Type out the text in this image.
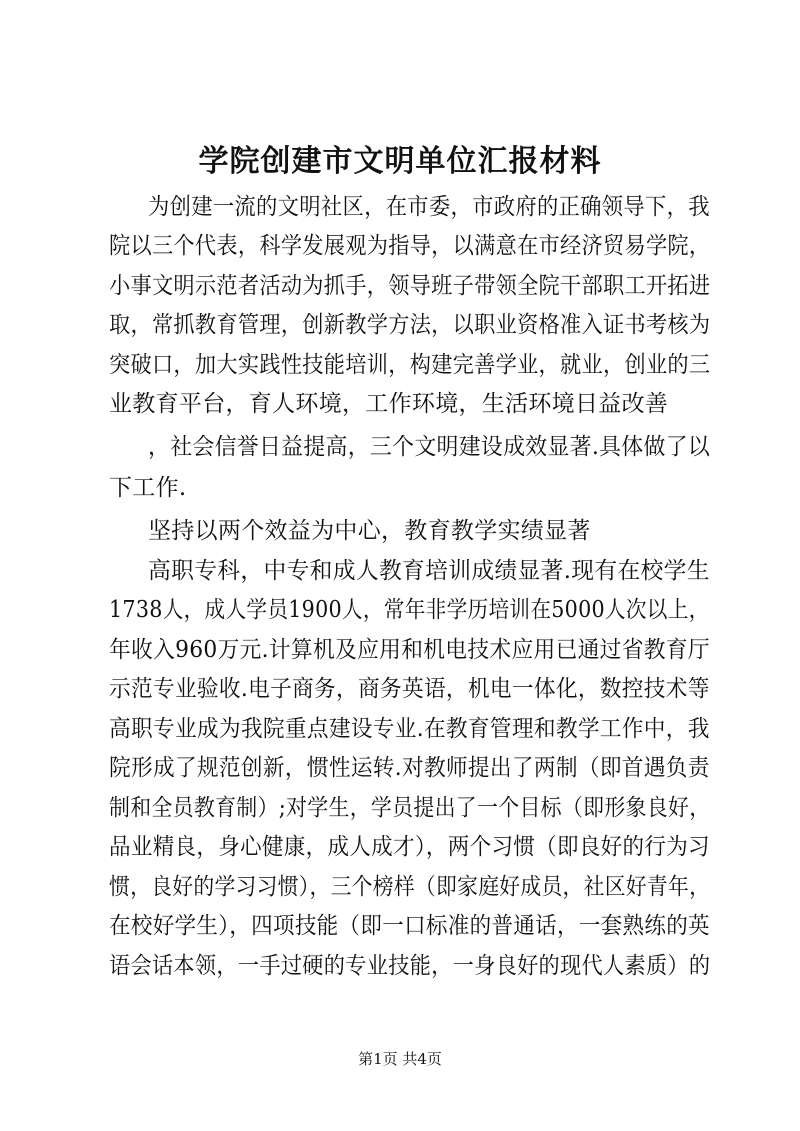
学院创建市文明单位汇报材料
为创建一流的文明社区，在市委，市政府的正确领导下，我
院以三个代表，科学发展观为指导，以满意在市经济贸易学院，
小事文明示范者活动为抓手，领导班子带领全院干部职工开拓进
取，常抓教育管理，创新教学方法，以职业资格准入证书考核为
突破口，加大实践性技能培训，构建完善学业，就业，创业的三
业教育平台，育人环境，工作环境，生活环境日益改善
，社会信誉日益提高，三个文明建设成效显著.具体做了以
下工作.
坚持以两个效益为中心，教育教学实绩显著
高职专科，中专和成人教育培训成绩显著.现有在校学生
1738人，成人学员1900人，常年非学历培训在5000人次以上，
年收入960万元.计算机及应用和机电技术应用已通过省教育厅
示范专业验收.电子商务，商务英语，机电一体化，数控技术等
高职专业成为我院重点建设专业.在教育管理和教学工作中，我
院形成了规范创新，惯性运转.对教师提出了两制（即首遇负责
制和全员教育制）;对学生，学员提出了一个目标（即形象良好，
品业精良，身心健康，成人成才），两个习惯（即良好的行为习
惯，良好的学习习惯），三个榜样（即家庭好成员，社区好青年，
在校好学生），四项技能（即一口标准的普通话，一套熟练的英
语会话本领，一手过硬的专业技能，一身良好的现代人素质）的
第1页 共4页
